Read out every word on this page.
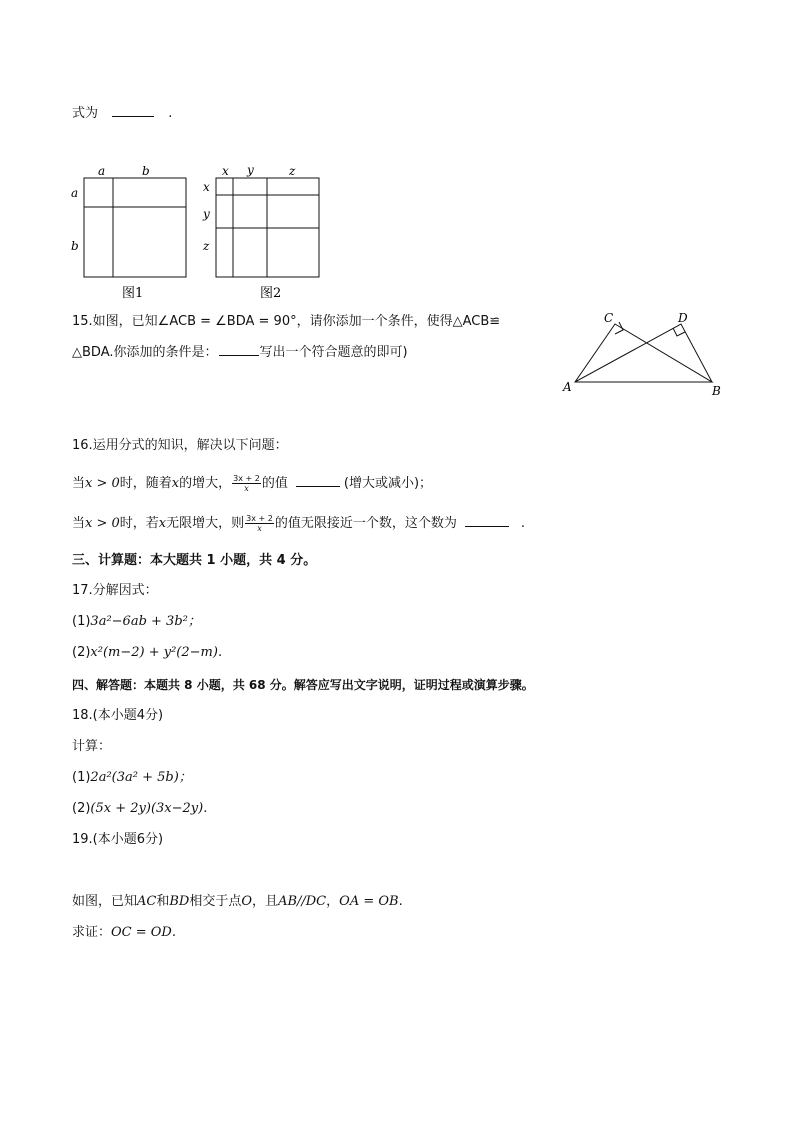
式为	.
a	b
a
b
图1
x y	z
x
y
z
图2
15.如图，已知∠ACB = ∠BDA = 90°，请你添加一个条件，使得△ACB≌
△BDA.你添加的条件是：	写出一个符合题意的即可)
C	D
A	B
16.运用分式的知识，解决以下问题：
当x > 0时，随着x的增大， $\frac{3x + 2}{x}$ 的值	(增大或减小)；
当x > 0时，若x无限增大，则 $\frac{3x + 2}{x}$ 的值无限接近一个数，这个数为	.
三、计算题：本大题共 1 小题，共 4 分。
17.分解因式：
(1)3a²−6ab + 3b²；
(2)x²(m−2) + y²(2−m).
四、解答题：本题共 8 小题，共 68 分。解答应写出文字说明，证明过程或演算步骤。
18.(本小题4分)
计算：
(1)2a²(3a² + 5b)；
(2)(5x + 2y)(3x−2y).
19.(本小题6分)
如图，已知AC和BD相交于点O，且AB//DC，OA = OB.
求证：OC = OD.
